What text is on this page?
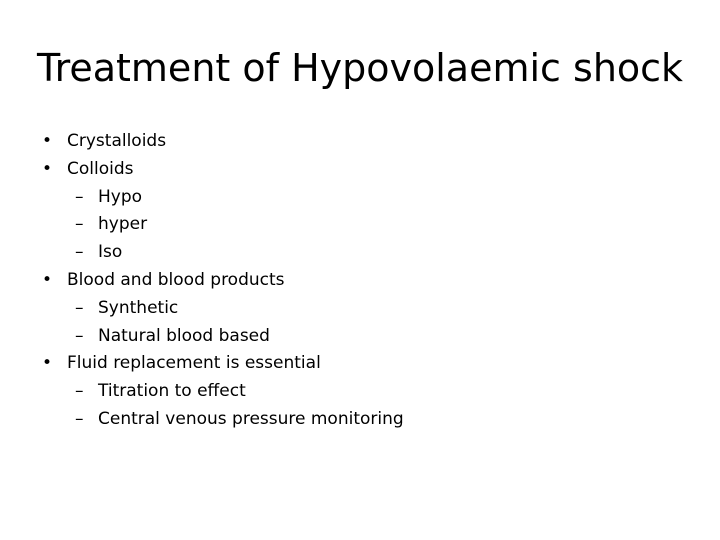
Treatment of Hypovolaemic shock
• Crystalloids
• Colloids
– Hypo
– hyper
– Iso
• Blood and blood products
– Synthetic
– Natural blood based
• Fluid replacement is essential
– Titration to effect
– Central venous pressure monitoring
